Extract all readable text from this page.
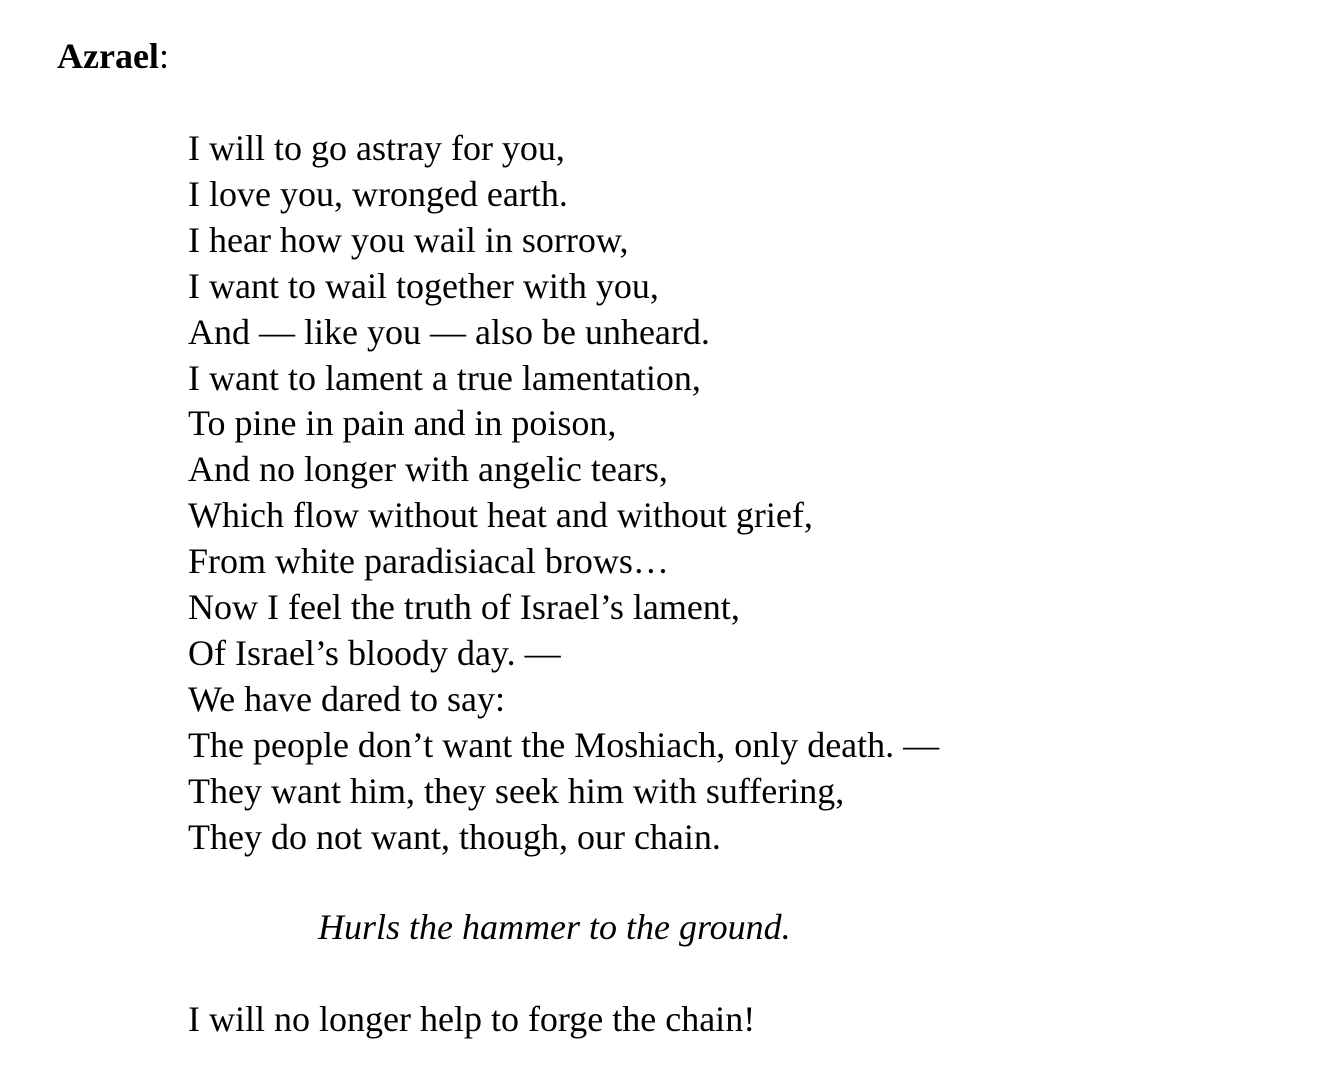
Azrael:
I will to go astray for you,
I love you, wronged earth.
I hear how you wail in sorrow,
I want to wail together with you,
And — like you — also be unheard.
I want to lament a true lamentation,
To pine in pain and in poison,
And no longer with angelic tears,
Which flow without heat and without grief,
From white paradisiacal brows…
Now I feel the truth of Israel’s lament,
Of Israel’s bloody day. —
We have dared to say:
The people don’t want the Moshiach, only death. —
They want him, they seek him with suffering,
They do not want, though, our chain.
Hurls the hammer to the ground.
I will no longer help to forge the chain!
